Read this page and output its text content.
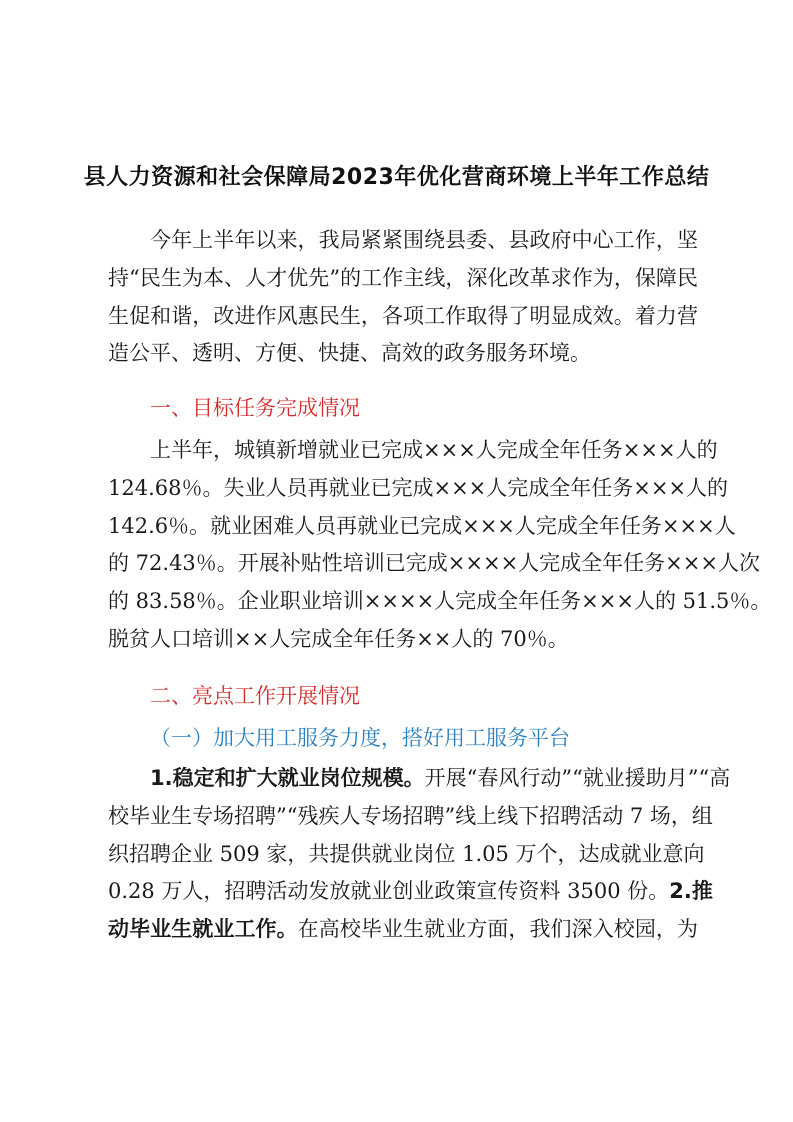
县人力资源和社会保障局2023年优化营商环境上半年工作总结
今年上半年以来，我局紧紧围绕县委、县政府中心工作，坚
持“民生为本、人才优先”的工作主线，深化改革求作为，保障民
生促和谐，改进作风惠民生，各项工作取得了明显成效。着力营
造公平、透明、方便、快捷、高效的政务服务环境。
一、目标任务完成情况
上半年，城镇新增就业已完成×××人完成全年任务×××人的
124.68％。失业人员再就业已完成×××人完成全年任务×××人的
142.6％。就业困难人员再就业已完成×××人完成全年任务×××人
的 72.43％。开展补贴性培训已完成××××人完成全年任务×××人次
的 83.58％。企业职业培训××××人完成全年任务×××人的 51.5％。
脱贫人口培训××人完成全年任务××人的 70％。
二、亮点工作开展情况
（一）加大用工服务力度，搭好用工服务平台
1.稳定和扩大就业岗位规模。开展“春风行动”“就业援助月”“高
校毕业生专场招聘”“残疾人专场招聘”线上线下招聘活动 7 场，组
织招聘企业 509 家，共提供就业岗位 1.05 万个，达成就业意向
0.28 万人，招聘活动发放就业创业政策宣传资料 3500 份。2.推
动毕业生就业工作。在高校毕业生就业方面，我们深入校园，为
